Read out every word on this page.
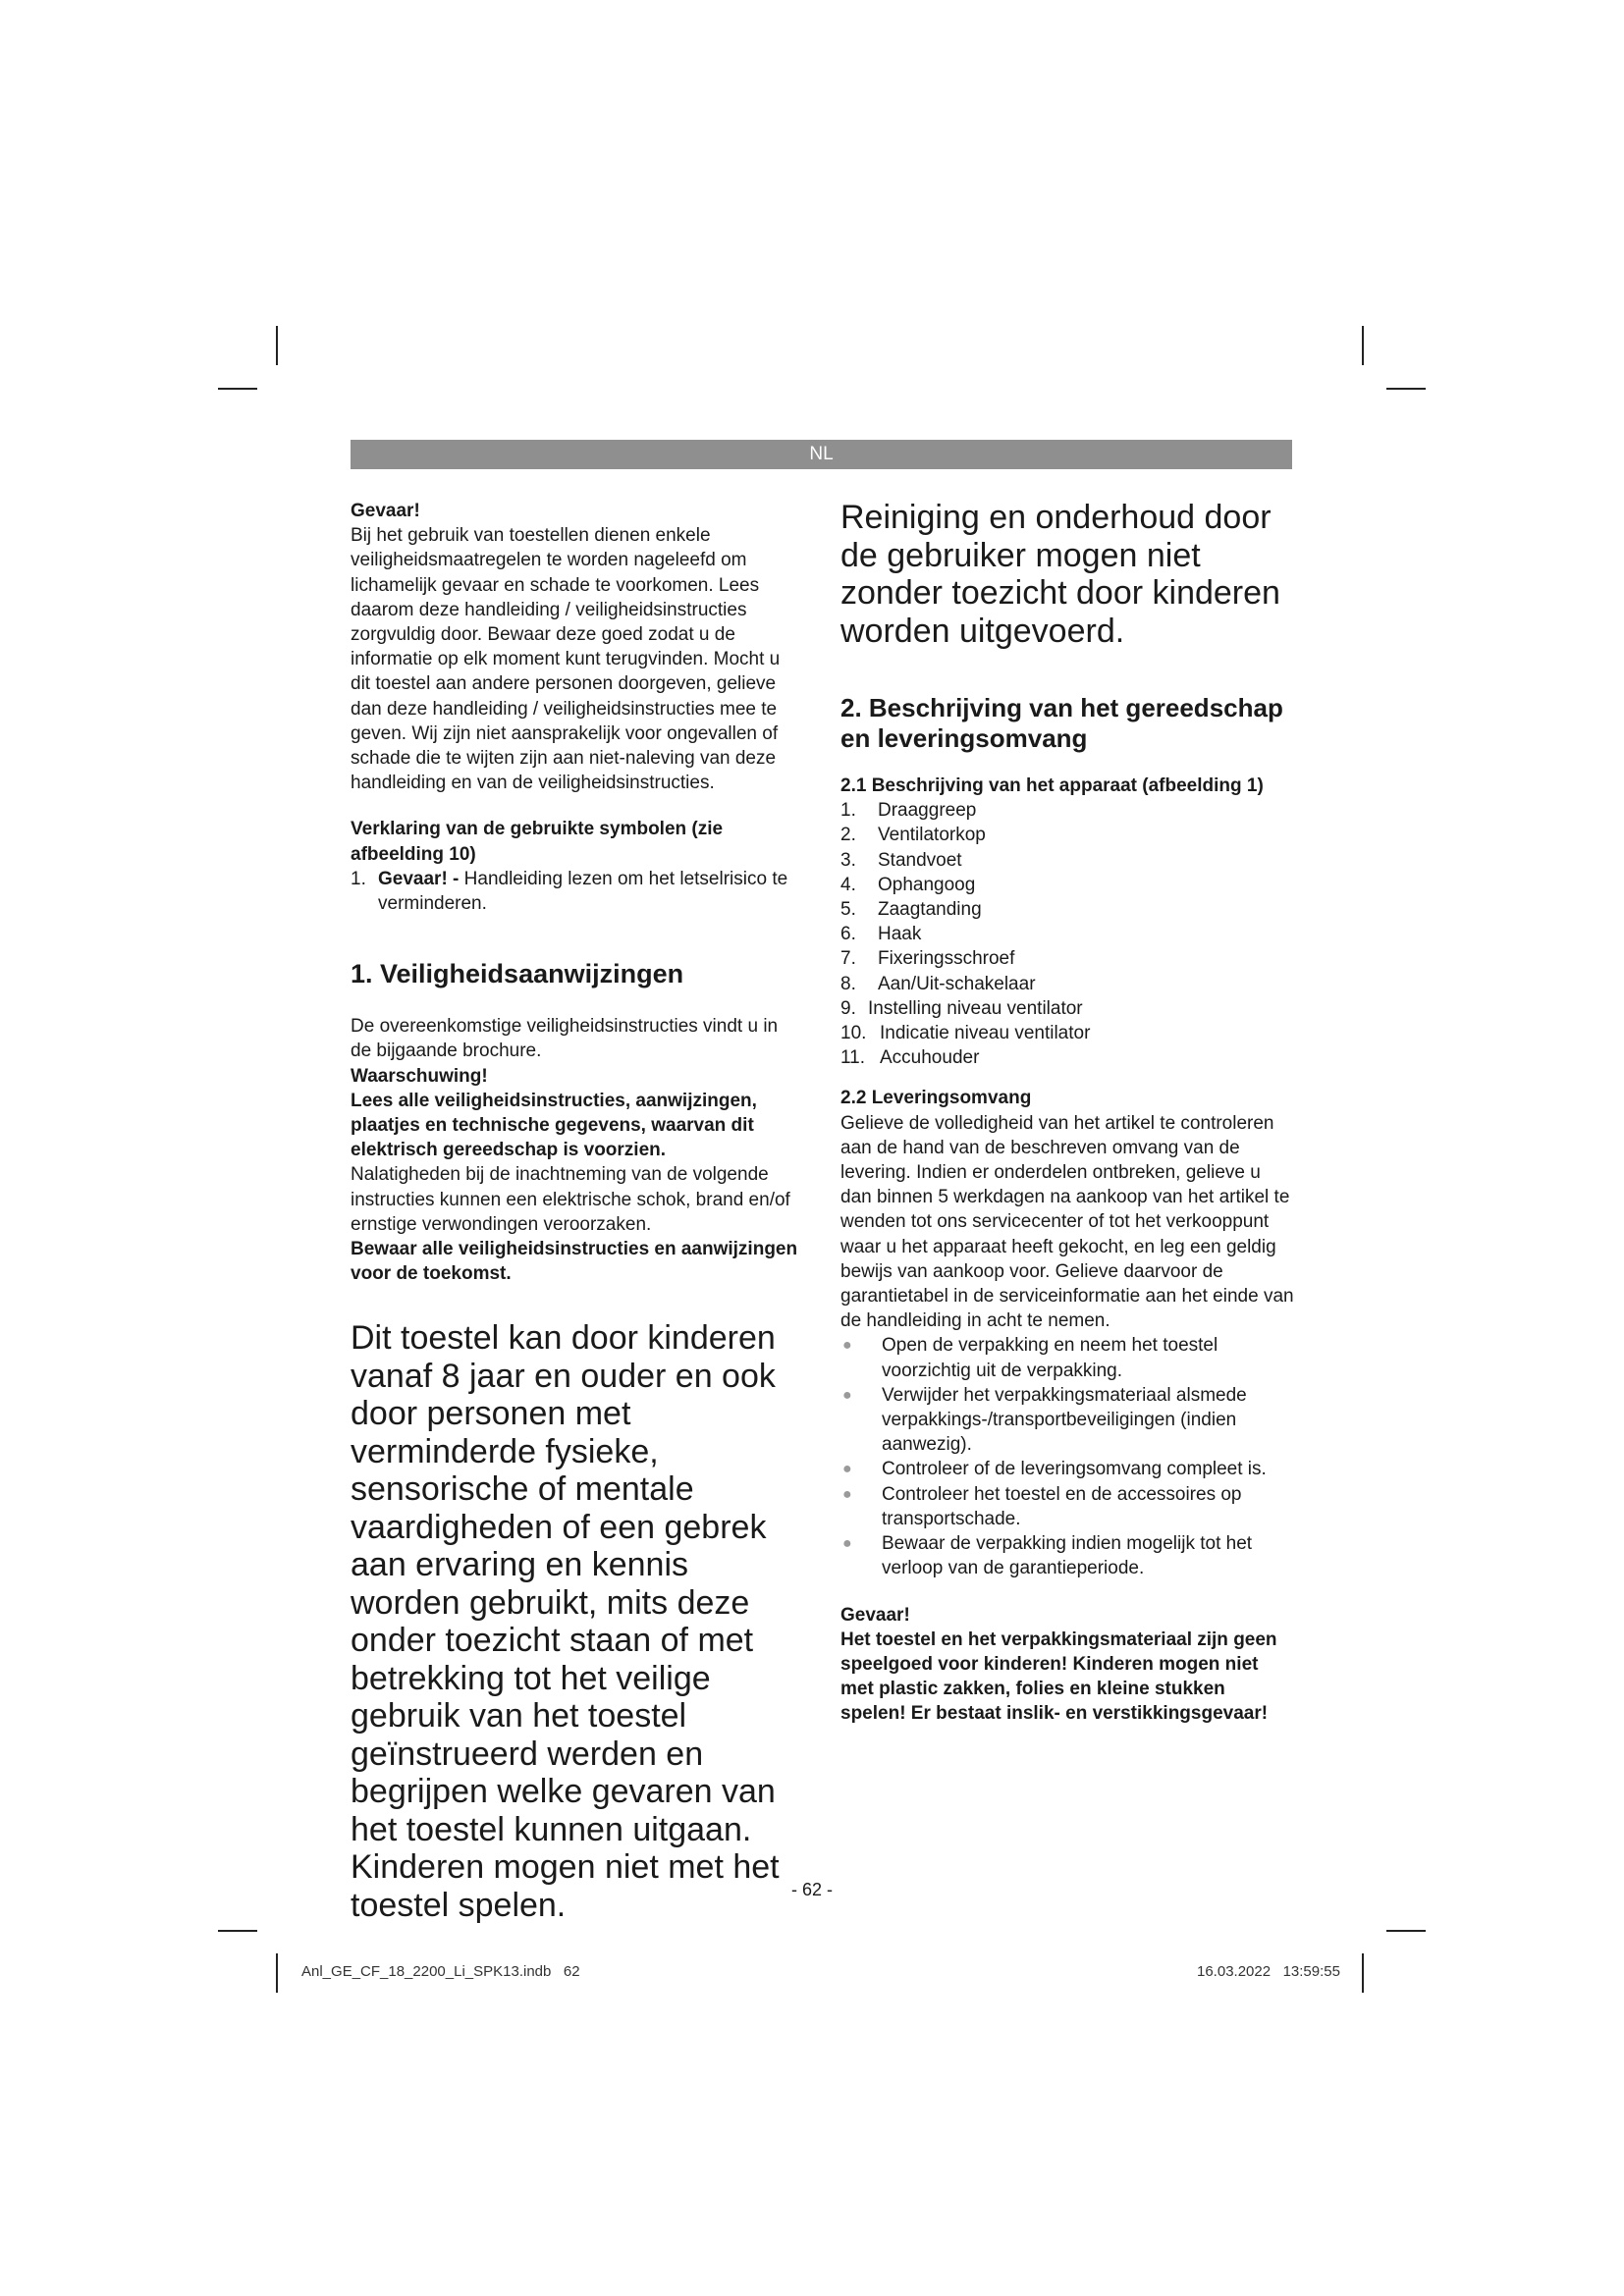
NL

Gevaar!

Bij het gebruik van toestellen dienen enkele veiligheidsmaatregelen te worden nageleefd om lichamelijk gevaar en schade te voorkomen. Lees daarom deze handleiding / veiligheidsinstructies zorgvuldig door. Bewaar deze goed zodat u de informatie op elk moment kunt terugvinden. Mocht u dit toestel aan andere personen doorgeven, gelieve dan deze handleiding / veiligheidsinstructies mee te geven. Wij zijn niet aansprakelijk voor ongevallen of schade die te wijten zijn aan niet-naleving van deze handleiding en van de veiligheidsinstructies.

Verklaring van de gebruikte symbolen (zie afbeelding 10)

1. Gevaar! - Handleiding lezen om het letselrisico te verminderen.

1. Veiligheidsaanwijzingen

De overeenkomstige veiligheidsinstructies vindt u in de bijgaande brochure.

Waarschuwing!

Lees alle veiligheidsinstructies, aanwijzingen, plaatjes en technische gegevens, waarvan dit elektrisch gereedschap is voorzien.

Nalatigheden bij de inachtneming van de volgende instructies kunnen een elektrische schok, brand en/of ernstige verwondingen veroorzaken.

Bewaar alle veiligheidsinstructies en aanwijzingen voor de toekomst.

Dit toestel kan door kinderen vanaf 8 jaar en ouder en ook door personen met verminderde fysieke, sensorische of mentale vaardigheden of een gebrek aan ervaring en kennis worden gebruikt, mits deze onder toezicht staan of met betrekking tot het veilige gebruik van het toestel geïnstrueerd werden en begrijpen welke gevaren van het toestel kunnen uitgaan. Kinderen mogen niet met het toestel spelen.

Reiniging en onderhoud door de gebruiker mogen niet zonder toezicht door kinderen worden uitgevoerd.

2. Beschrijving van het gereedschap en leveringsomvang

2.1 Beschrijving van het apparaat (afbeelding 1)

1.	Draaggreep
2.	Ventilatorkop
3.	Standvoet
4.	Ophangoog
5.	Zaagtanding
6.	Haak
7.	Fixeringsschroef
8.	Aan/Uit-schakelaar
9. Instelling niveau ventilator
10. Indicatie niveau ventilator
11. Accuhouder

2.2 Leveringsomvang

Gelieve de volledigheid van het artikel te controleren aan de hand van de beschreven omvang van de levering. Indien er onderdelen ontbreken, gelieve u dan binnen 5 werkdagen na aankoop van het artikel te wenden tot ons servicecenter of tot het verkooppunt waar u het apparaat heeft gekocht, en leg een geldig bewijs van aankoop voor. Gelieve daarvoor de garantietabel in de serviceinformatie aan het einde van de handleiding in acht te nemen.

●	Open de verpakking en neem het toestel voorzichtig uit de verpakking.
●	Verwijder het verpakkingsmateriaal alsmede verpakkings-/transportbeveiligingen (indien aanwezig).
●	Controleer of de leveringsomvang compleet is.
●	Controleer het toestel en de accessoires op transportschade.
●	Bewaar de verpakking indien mogelijk tot het verloop van de garantieperiode.

Gevaar!

Het toestel en het verpakkingsmateriaal zijn geen speelgoed voor kinderen! Kinderen mogen niet met plastic zakken, folies en kleine stukken spelen! Er bestaat inslik- en verstikkingsgevaar!

- 62 -
Anl_GE_CF_18_2200_Li_SPK13.indb   62	16.03.2022   13:59:55
